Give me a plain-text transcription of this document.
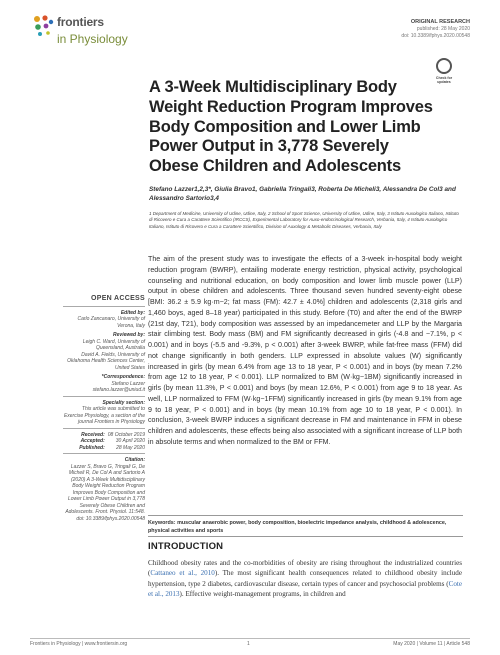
frontiers
in Physiology
ORIGINAL RESEARCH
published: 28 May 2020
doi: 10.3389/fphys.2020.00548
Check for updates
A 3-Week Multidisciplinary Body Weight Reduction Program Improves Body Composition and Lower Limb Power Output in 3,778 Severely Obese Children and Adolescents
Stefano Lazzer1,2,3*, Giulia Bravo1, Gabriella Tringali3, Roberta De Micheli3, Alessandra De Col3 and Alessandro Sartorio3,4
1 Department of Medicine, University of Udine, Udine, Italy, 2 School of Sport Science, University of Udine, Udine, Italy, 3 Istituto Auxologico Italiano, Istituto di Ricovero e Cura a Carattere Scientifico (IRCCS), Experimental Laboratory for Auxo-endocrinological Research, Verbania, Italy, 4 Istituto Auxologico Italiano, Istituto di Ricovero e Cura a Carattere Scientifico, Division of Auxology & Metabolic Diseases, Verbania, Italy
The aim of the present study was to investigate the effects of a 3-week in-hospital body weight reduction program (BWRP), entailing moderate energy restriction, physical activity, psychological counseling and nutritional education, on body composition and lower limb muscle power (LLP) output in obese children and adolescents. Three thousand seven hundred seventy-eight obese [BMI: 36.2 ± 5.9 kg·m−2; fat mass (FM): 42.7 ± 4.0%] children and adolescents (2,318 girls and 1,460 boys, aged 8–18 year) participated in this study. Before (T0) and after the end of the BWRP (21st day, T21), body composition was assessed by an impedancemeter and LLP by the Margaria stair climbing test. Body mass (BM) and FM significantly decreased in girls (-4.8 and −7.1%, p < 0.001) and in boys (-5.5 and -9.3%, p < 0.001) after 3-week BWRP, while fat-free mass (FFM) did not change significantly in both genders. LLP expressed in absolute values (W) significantly increased in girls (by mean 6.4% from age 13 to 18 year, P < 0.001) and in boys (by mean 7.2% from age 12 to 18 year, P < 0.001). LLP normalized to BM (W·kg−1BM) significantly increased in girls (by mean 11.3%, P < 0.001) and boys (by mean 12.6%, P < 0.001) from age 9 to 18 year. As well, LLP normalized to FFM (W·kg−1FFM) significantly increased in girls (by mean 9.1% from age 9 to 18 year, P < 0.001) and in boys (by mean 10.1% from age 10 to 18 year, P < 0.001). In conclusion, 3-week BWRP induces a significant decrease in FM and maintenance in FFM in obese children and adolescents, these effects being also associated with a significant increase of LLP both in absolute terms and when normalized to the BM or FFM.
Keywords: muscular anaerobic power, body composition, bioelectric impedance analysis, childhood & adolescence, physical activities and sports
INTRODUCTION
Childhood obesity rates and the co-morbidities of obesity are rising throughout the industrialized countries (Cattaneo et al., 2010). The most significant health consequences related to childhood obesity include hypertension, type 2 diabetes, cardiovascular disease, certain types of cancer and psychosocial problems (Cote et al., 2013). Effective weight-management programs, in children and
OPEN ACCESS
Edited by:
Carlo Zancanaro, University of Verona, Italy
Reviewed by:
Leigh C. Ward, University of Queensland, Australia
David A. Fields, University of Oklahoma Health Sciences Center, United States
*Correspondence:
Stefano Lazzer stefano.lazzer@uniud.it
Specialty section:
This article was submitted to Exercise Physiology, a section of the journal Frontiers in Physiology
Received: 08 October 2019
Accepted:	30 April 2020
Published:	28 May 2020
Citation:
Lazzer S, Bravo G, Tringali G, De Micheli R, De Col A and Sartorio A (2020) A 3-Week Multidisciplinary Body Weight Reduction Program Improves Body Composition and Lower Limb Power Output in 3,778 Severely Obese Children and Adolescents. Front. Physiol. 11:548. doi: 10.3389/fphys.2020.00548
Frontiers in Physiology | www.frontiersin.org	1	May 2020 | Volume 11 | Article 548
